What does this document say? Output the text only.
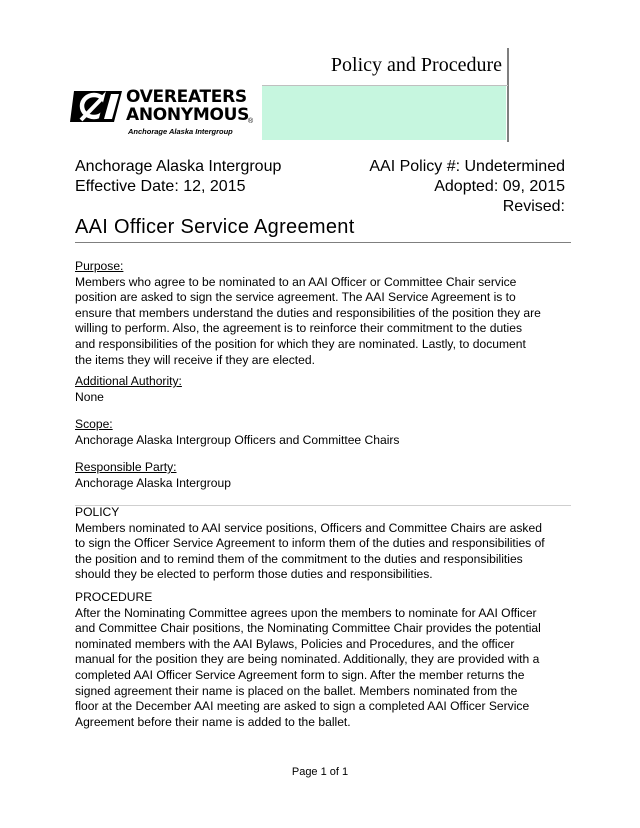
Policy and Procedure
OVEREATERS
ANONYMOUS
®
Anchorage Alaska Intergroup
Anchorage Alaska Intergroup
Effective Date: 12, 2015
AAI Policy #: Undetermined
Adopted: 09, 2015
Revised:
AAI Officer Service Agreement
Purpose:

Members who agree to be nominated to an AAI Officer or Committee Chair service

position are asked to sign the service agreement. The AAI Service Agreement is to

ensure that members understand the duties and responsibilities of the position they are

willing to perform. Also, the agreement is to reinforce their commitment to the duties

and responsibilities of the position for which they are nominated. Lastly, to document

the items they will receive if they are elected.

Additional Authority:

None

Scope:

Anchorage Alaska Intergroup Officers and Committee Chairs

Responsible Party:

Anchorage Alaska Intergroup

POLICY

Members nominated to AAI service positions, Officers and Committee Chairs are asked

to sign the Officer Service Agreement to inform them of the duties and responsibilities of

the position and to remind them of the commitment to the duties and responsibilities

should they be elected to perform those duties and responsibilities.

PROCEDURE

After the Nominating Committee agrees upon the members to nominate for AAI Officer

and Committee Chair positions, the Nominating Committee Chair provides the potential

nominated members with the AAI Bylaws, Policies and Procedures, and the officer

manual for the position they are being nominated. Additionally, they are provided with a

completed AAI Officer Service Agreement form to sign. After the member returns the

signed agreement their name is placed on the ballet. Members nominated from the

floor at the December AAI meeting are asked to sign a completed AAI Officer Service

Agreement before their name is added to the ballet.

Page 1 of 1
